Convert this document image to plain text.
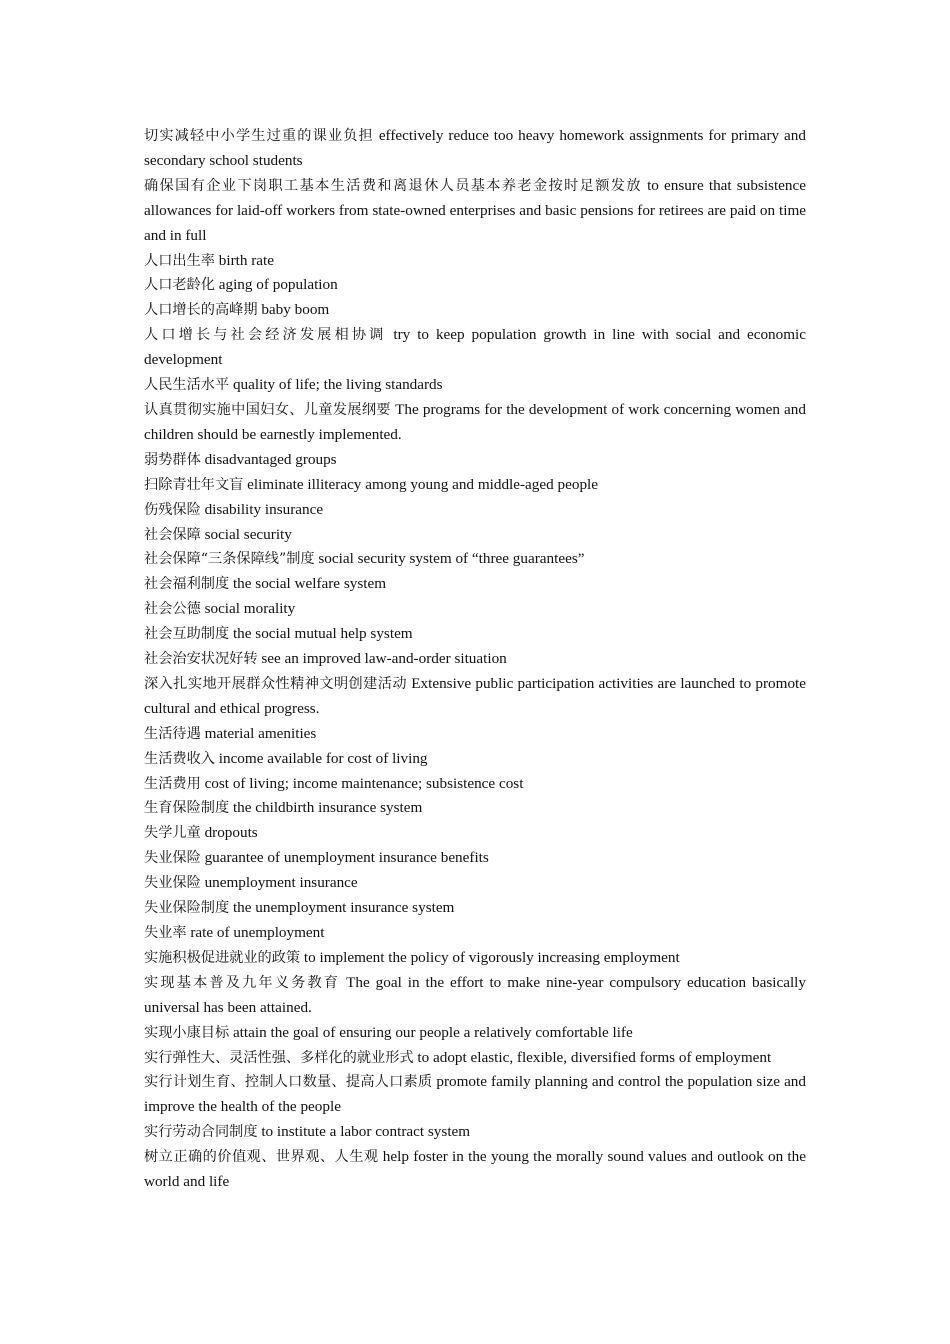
切实减轻中小学生过重的课业负担 effectively reduce too heavy homework assignments for primary and secondary school students

确保国有企业下岗职工基本生活费和离退休人员基本养老金按时足额发放 to ensure that subsistence allowances for laid-off workers from state-owned enterprises and basic pensions for retirees are paid on time and in full

人口出生率 birth rate

人口老龄化 aging of population

人口增长的高峰期 baby boom

人口增长与社会经济发展相协调 try to keep population growth in line with social and economic development

人民生活水平 quality of life; the living standards

认真贯彻实施中国妇女、儿童发展纲要 The programs for the development of work concerning women and children should be earnestly implemented.

弱势群体 disadvantaged groups

扫除青壮年文盲 eliminate illiteracy among young and middle-aged people

伤残保险 disability insurance

社会保障 social security

社会保障“三条保障线”制度 social security system of “three guarantees”

社会福利制度 the social welfare system

社会公德 social morality

社会互助制度 the social mutual help system

社会治安状况好转 see an improved law-and-order situation

深入扎实地开展群众性精神文明创建活动 Extensive public participation activities are launched to promote cultural and ethical progress.

生活待遇 material amenities

生活费收入 income available for cost of living

生活费用 cost of living; income maintenance; subsistence cost

生育保险制度 the childbirth insurance system

失学儿童 dropouts

失业保险 guarantee of unemployment insurance benefits

失业保险 unemployment insurance

失业保险制度 the unemployment insurance system

失业率 rate of unemployment

实施积极促进就业的政策 to implement the policy of vigorously increasing employment

实现基本普及九年义务教育 The goal in the effort to make nine-year compulsory education basically universal has been attained.

实现小康目标 attain the goal of ensuring our people a relatively comfortable life

实行弹性大、灵活性强、多样化的就业形式 to adopt elastic, flexible, diversified forms of employment

实行计划生育、控制人口数量、提高人口素质 promote family planning and control the population size and improve the health of the people

实行劳动合同制度 to institute a labor contract system

树立正确的价值观、世界观、人生观 help foster in the young the morally sound values and outlook on the world and life
